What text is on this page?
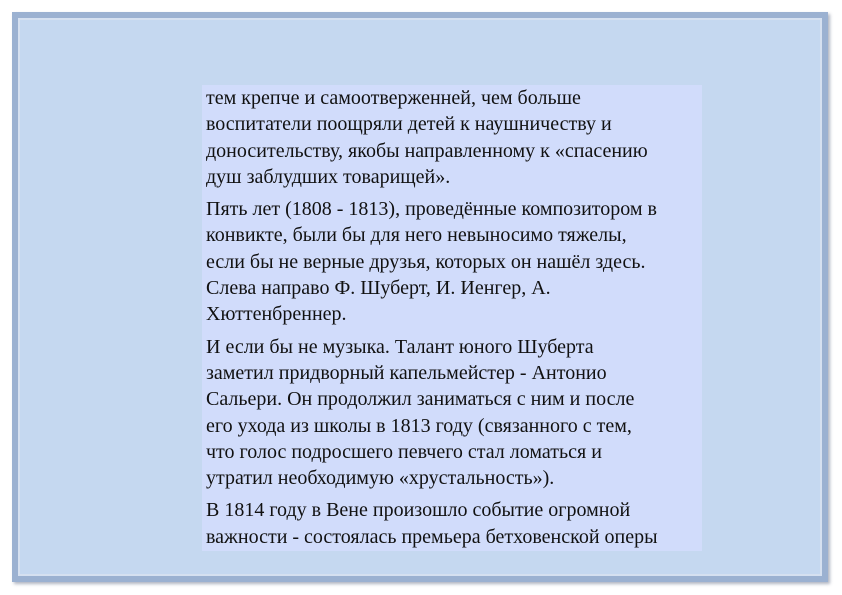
тем крепче и самоотверженней, чем больше
воспитатели поощряли детей к наушничеству и
доносительству, якобы направленному к «спасению
душ заблудших товарищей».

Пять лет (1808 - 1813), проведённые композитором в
конвикте, были бы для него невыносимо тяжелы,
если бы не верные друзья, которых он нашёл здесь.
Слева направо Ф. Шуберт, И. Иенгер, А.
Хюттенбреннер.

И если бы не музыка. Талант юного Шуберта
заметил придворный капельмейстер - Антонио
Сальери. Он продолжил заниматься с ним и после
его ухода из школы в 1813 году (связанного с тем,
что голос подросшего певчего стал ломаться и
утратил необходимую «хрустальность»).

В 1814 году в Вене произошло событие огромной
важности - состоялась премьера бетховенской оперы
